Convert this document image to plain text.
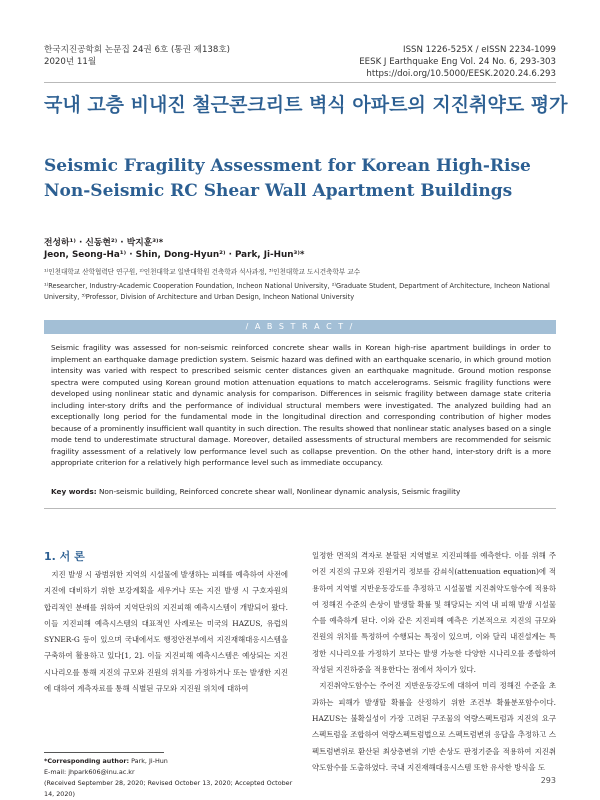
한국지진공학회 논문집 24권 6호 (통권 제138호)
2020년 11월
ISSN 1226-525X / eISSN 2234-1099
EESK J Earthquake Eng Vol. 24 No. 6, 293-303
https://doi.org/10.5000/EESK.2020.24.6.293
국내 고층 비내진 철근콘크리트 벽식 아파트의 지진취약도 평가
Seismic Fragility Assessment for Korean High-Rise Non-Seismic RC Shear Wall Apartment Buildings
전성하¹⁾ · 신동현²⁾ · 박지훈³⁾*
Jeon, Seong-Ha¹⁾ · Shin, Dong-Hyun²⁾ · Park, Ji-Hun³⁾*
¹⁾인천대학교 산학협력단 연구원, ²⁾인천대학교 일반대학원 건축학과 석사과정, ³⁾인천대학교 도시건축학부 교수
¹⁾Researcher, Industry-Academic Cooperation Foundation, Incheon National University, ²⁾Graduate Student, Department of Architecture, Incheon National University, ³⁾Professor, Division of Architecture and Urban Design, Incheon National University
/ A B S T R A C T /

Seismic fragility was assessed for non-seismic reinforced concrete shear walls in Korean high-rise apartment buildings in order to implement an earthquake damage prediction system. Seismic hazard was defined with an earthquake scenario, in which ground motion intensity was varied with respect to prescribed seismic center distances given an earthquake magnitude. Ground motion response spectra were computed using Korean ground motion attenuation equations to match accelerograms. Seismic fragility functions were developed using nonlinear static and dynamic analysis for comparison. Differences in seismic fragility between damage state criteria including inter-story drifts and the performance of individual structural members were investigated. The analyzed building had an exceptionally long period for the fundamental mode in the longitudinal direction and corresponding contribution of higher modes because of a prominently insufficient wall quantity in such direction. The results showed that nonlinear static analyses based on a single mode tend to underestimate structural damage. Moreover, detailed assessments of structural members are recommended for seismic fragility assessment of a relatively low performance level such as collapse prevention. On the other hand, inter-story drift is a more appropriate criterion for a relatively high performance level such as immediate occupancy.

Key words: Non-seismic building, Reinforced concrete shear wall, Nonlinear dynamic analysis, Seismic fragility
1. 서 론
지진 발생 시 광범위한 지역의 시설물에 발생하는 피해를 예측하여 사전에 지진에 대비하기 위한 보강계획을 세우거나 또는 지진 발생 시 구호자원의 합리적인 분배를 위하여 지역단위의 지진피해 예측시스템이 개발되어 왔다. 이들 지진피해 예측시스템의 대표적인 사례로는 미국의 HAZUS, 유럽의 SYNER-G 등이 있으며 국내에서도 행정안전부에서 지진재해대응시스템을 구축하여 활용하고 있다[1, 2]. 이들 지진피해 예측시스템은 예상되는 지진시나리오를 통해 지진의 규모와 진원의 위치를 가정하거나 또는 발생한 지진에 대하여 계측자료를 통해 식별된 규모와 지진원 위치에 대하여
일정한 면적의 격자로 분할된 지역별로 지진피해를 예측한다. 이를 위해 주어진 지진의 규모와 진원거리 정보를 감쇠식(attenuation equation)에 적용하여 지역별 지반운동강도를 추정하고 시설물별 지진취약도함수에 적용하여 정해진 수준의 손상이 발생할 확률 및 해당되는 지역 내 피해 발생 시설물 수를 예측하게 된다. 이와 같은 지진피해 예측은 기본적으로 지진의 규모와 진원의 위치를 특정하여 수행되는 특징이 있으며, 이와 달리 내진설계는 특정한 시나리오를 가정하기 보다는 발생 가능한 다양한 시나리오를 종합하여 작성된 지진하중을 적용한다는 점에서 차이가 있다.
지진취약도함수는 주어진 지반운동강도에 대하여 미리 정해진 수준을 초과하는 피해가 발생할 확률을 산정하기 위한 조건부 확률분포함수이다. HAZUS는 불확실성이 가장 고려된 구조물의 역량스펙트럼과 지진의 요구스펙트럼을 조합하여 역량스펙트럼법으로 스펙트럼변위 응답을 추정하고 스펙트럼변위로 환산된 최상층변위 기반 손상도 판정기준을 적용하여 지진취약도함수를 도출하였다. 국내 지진재해대응시스템 또한 유사한 방식을 도
*Corresponding author: Park, Ji-Hun
E-mail: jhpark606@inu.ac.kr
(Received September 28, 2020; Revised October 13, 2020; Accepted October 14, 2020)
293
